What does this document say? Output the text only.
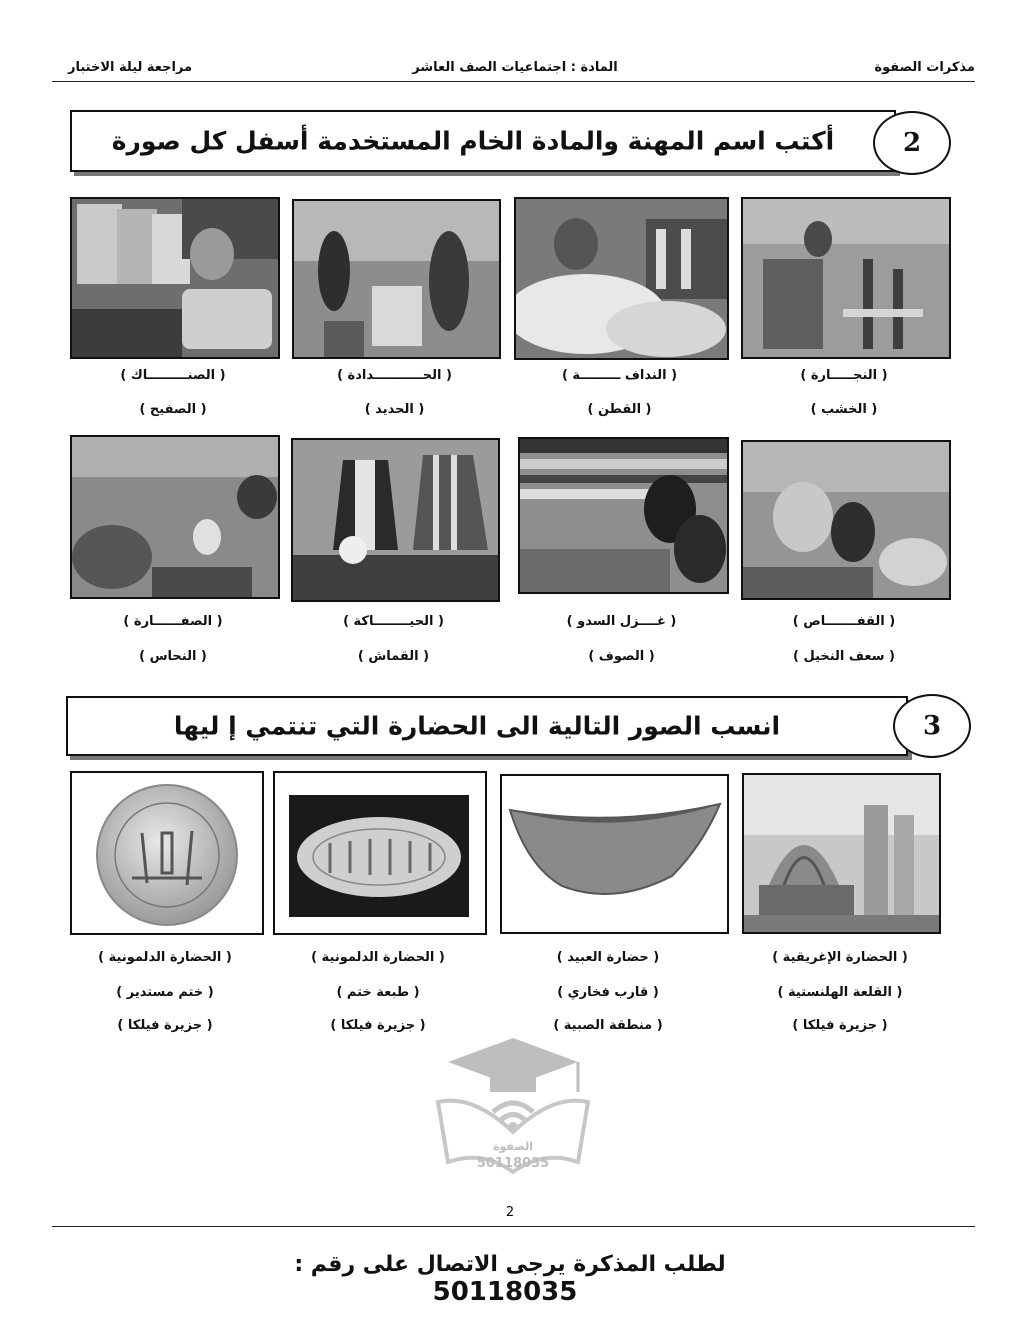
مذكرات الصفوة
المادة : اجتماعيات الصف العاشر
مراجعة ليلة الاختبار
أكتب اسم المهنة والمادة الخام المستخدمة أسفل كل صورة	2
( الصنـــــــــاك )
( الصفيح )
( الحـــــــــــدادة )
( الحديد )
( النداف ـــــــــة )
( القطن )
( النجـــــارة )
( الخشب )
( الصفــــــارة )
( النحاس )
( الحيــــــــاكة )
( القماش )
( غــــزل السدو )
( الصوف )
( القفـــــــاص )
( سعف النخيل )
انسب الصور التالية الى الحضارة التي تنتمي إ ليها	3
( الحضارة الدلمونية )
( ختم مستدير )
( جزيرة فيلكا )
( الحضارة الدلمونية )
( طبعة ختم )
( جزيرة فيلكا )
( حضارة العبيد )
( قارب فخاري )
( منطقة الصبية )
( الحضارة الإغريقية )
( القلعة الهلنستية )
( جزيرة فيلكا )
الصفوة
50118035
2
لطلب المذكرة يرجى الاتصال على رقم : 50118035
